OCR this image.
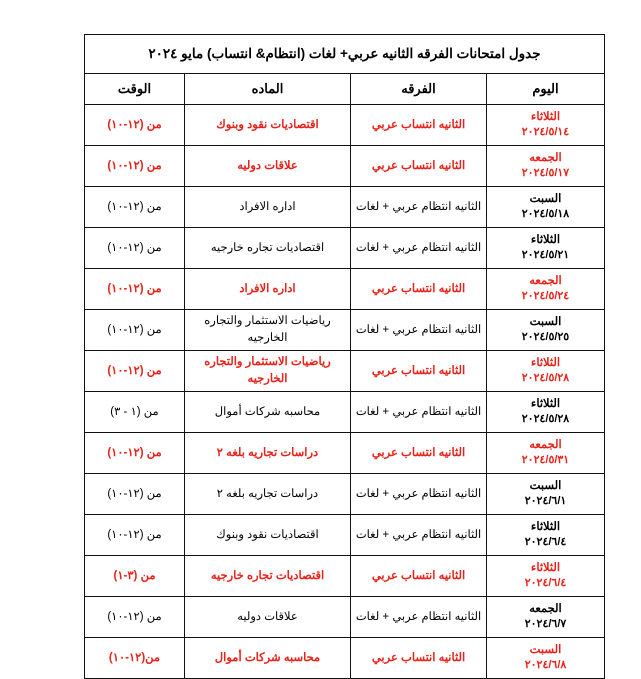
جدول امتحانات الفرقه الثانيه عربي+ لغات (انتظام& انتساب) مايو ٢٠٢٤			
اليوم	الفرقه	الماده	الوقت

الثلاثاء
٢٠٢٤/٥/١٤	الثانيه انتساب عربي	اقتصاديات نقود وبنوك	من (١٢-١٠)

الجمعه
٢٠٢٤/٥/١٧	الثانيه انتساب عربي	علاقات دوليه	من (١٢-١٠)

السبت
٢٠٢٤/٥/١٨	الثانيه انتظام عربي + لغات	اداره الافراد	من (١٢-١٠)

الثلاثاء
٢٠٢٤/٥/٢١	الثانيه انتظام عربي + لغات	اقتصاديات تجاره خارجيه	من (١٢-١٠)

الجمعه
٢٠٢٤/٥/٢٤	الثانيه انتساب عربي	اداره الافراد	من (١٢-١٠)

السبت
٢٠٢٤/٥/٢٥	الثانيه انتظام عربي + لغات	رياضيات الاستثمار والتجاره الخارجيه	من (١٢-١٠)

الثلاثاء
٢٠٢٤/٥/٢٨	الثانيه انتساب عربي	رياضيات الاستثمار والتجاره الخارجيه	من (١٢-١٠)

الثلاثاء
٢٠٢٤/٥/٢٨	الثانيه انتظام عربي + لغات	محاسبه شركات أموال	من (١ - ٣)

الجمعه
٢٠٢٤/٥/٣١	الثانيه انتساب عربي	دراسات تجاريه بلغه ٢	من (١٢-١٠)

السبت
٢٠٢٤/٦/١	الثانيه انتظام عربي + لغات	دراسات تجاريه بلغه ٢	من (١٢-١٠)

الثلاثاء
٢٠٢٤/٦/٤	الثانيه انتظام عربي + لغات	اقتصاديات نقود وبنوك	من (١٢-١٠)

الثلاثاء
٢٠٢٤/٦/٤	الثانيه انتساب عربي	اقتصاديات تجاره خارجيه	من (٣-١)

الجمعه
٢٠٢٤/٦/٧	الثانيه انتظام عربي + لغات	علاقات دوليه	من (١٢-١٠)

السبت
٢٠٢٤/٦/٨	الثانيه انتساب عربي	محاسبه شركات أموال	من(١٢-١٠)
